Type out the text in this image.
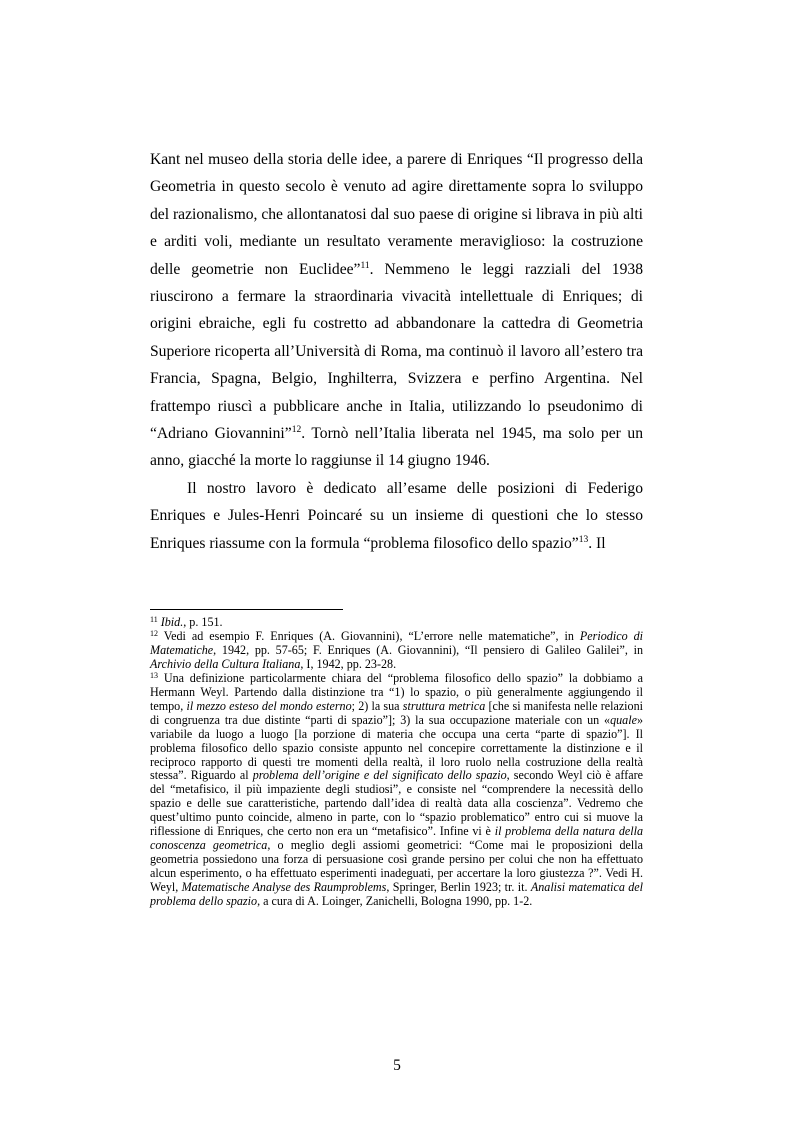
Kant nel museo della storia delle idee, a parere di Enriques “Il progresso della Geometria in questo secolo è venuto ad agire direttamente sopra lo sviluppo del razionalismo, che allontanatosi dal suo paese di origine si librava in più alti e arditi voli, mediante un resultato veramente meraviglioso: la costruzione delle geometrie non Euclidee”$^{11}$. Nemmeno le leggi razziali del 1938 riuscirono a fermare la straordinaria vivacità intellettuale di Enriques; di origini ebraiche, egli fu costretto ad abbandonare la cattedra di Geometria Superiore ricoperta all’Università di Roma, ma continuò il lavoro all’estero tra Francia, Spagna, Belgio, Inghilterra, Svizzera e perfino Argentina. Nel frattempo riuscì a pubblicare anche in Italia, utilizzando lo pseudonimo di “Adriano Giovannini”$^{12}$. Tornò nell’Italia liberata nel 1945, ma solo per un anno, giacché la morte lo raggiunse il 14 giugno 1946.

Il nostro lavoro è dedicato all’esame delle posizioni di Federigo Enriques e Jules-Henri Poincaré su un insieme di questioni che lo stesso Enriques riassume con la formula “problema filosofico dello spazio”$^{13}$. Il

$^{11}$ Ibid., p. 151.

$^{12}$ Vedi ad esempio F. Enriques (A. Giovannini), “L’errore nelle matematiche”, in Periodico di Matematiche, 1942, pp. 57-65; F. Enriques (A. Giovannini), “Il pensiero di Galileo Galilei”, in Archivio della Cultura Italiana, I, 1942, pp. 23-28.

$^{13}$ Una definizione particolarmente chiara del “problema filosofico dello spazio” la dobbiamo a Hermann Weyl. Partendo dalla distinzione tra “1) lo spazio, o più generalmente aggiungendo il tempo, il mezzo esteso del mondo esterno; 2) la sua struttura metrica [che si manifesta nelle relazioni di congruenza tra due distinte “parti di spazio”]; 3) la sua occupazione materiale con un «quale» variabile da luogo a luogo [la porzione di materia che occupa una certa “parte di spazio”]. Il problema filosofico dello spazio consiste appunto nel concepire correttamente la distinzione e il reciproco rapporto di questi tre momenti della realtà, il loro ruolo nella costruzione della realtà stessa”. Riguardo al problema dell’origine e del significato dello spazio, secondo Weyl ciò è affare del “metafisico, il più impaziente degli studiosi”, e consiste nel “comprendere la necessità dello spazio e delle sue caratteristiche, partendo dall’idea di realtà data alla coscienza”. Vedremo che quest’ultimo punto coincide, almeno in parte, con lo “spazio problematico” entro cui si muove la riflessione di Enriques, che certo non era un “metafisico”. Infine vi è il problema della natura della conoscenza geometrica, o meglio degli assiomi geometrici: “Come mai le proposizioni della geometria possiedono una forza di persuasione così grande persino per colui che non ha effettuato alcun esperimento, o ha effettuato esperimenti inadeguati, per accertare la loro giustezza ?”. Vedi H. Weyl, Matematische Analyse des Raumproblems, Springer, Berlin 1923; tr. it. Analisi matematica del problema dello spazio, a cura di A. Loinger, Zanichelli, Bologna 1990, pp. 1-2.

5
